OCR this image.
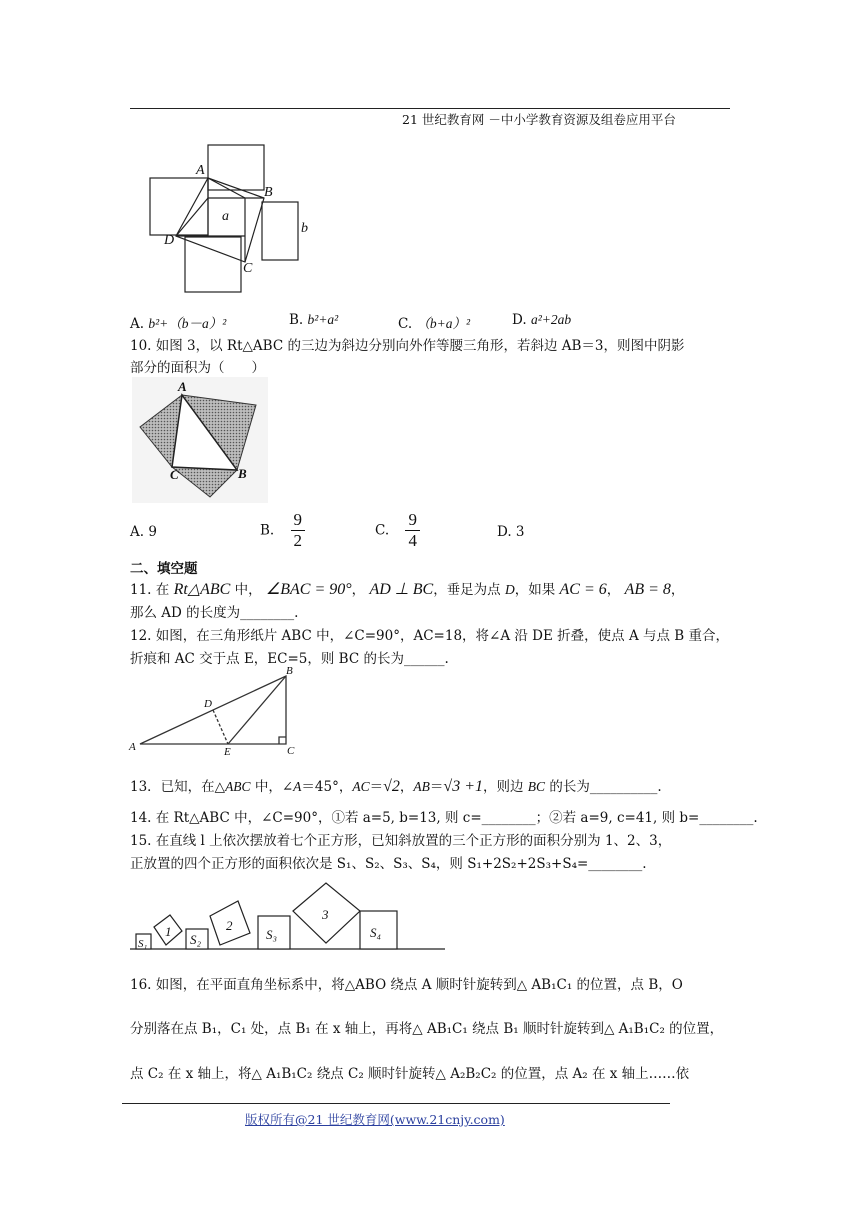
21 世纪教育网 －中小学教育资源及组卷应用平台
A
B
C
D
a
b
A. b²+（b－a）²	B. b²+a²	C. （b+a）²	D. a²+2ab
10. 如图 3，以 Rt△ABC 的三边为斜边分别向外作等腰三角形，若斜边 AB＝3，则图中阴影
部分的面积为（　　）
A
B
C
A. 9	B. $\frac{9}{2}$	C. $\frac{9}{4}$	D. 3
二、填空题
11. 在 Rt△ABC 中， ∠BAC = 90°， AD ⊥ BC，垂足为点 D，如果 AC = 6， AB = 8，
那么 AD 的长度为________.
12. 如图，在三角形纸片 ABC 中，∠C=90°，AC=18，将∠A 沿 DE 折叠，使点 A 与点 B 重合，
折痕和 AC 交于点 E，EC=5，则 BC 的长为______.
A
B
C
D
E
13．已知，在△ABC 中，∠A＝45°，AC＝√2，AB＝√3 +1，则边 BC 的长为__________.
14. 在 Rt△ABC 中，∠C=90°，①若 a=5, b=13, 则 c=________；②若 a=9, c=41, 则 b=________.
15. 在直线 l 上依次摆放着七个正方形，已知斜放置的三个正方形的面积分别为 1、2、3，
正放置的四个正方形的面积依次是 S₁、S₂、S₃、S₄，则 S₁+2S₂+2S₃+S₄=________.
S₁
1
S₂
2
S₃
3
S₄
16. 如图，在平面直角坐标系中，将△ABO 绕点 A 顺时针旋转到△ AB₁C₁ 的位置，点 B，O
分别落在点 B₁，C₁ 处，点 B₁ 在 x 轴上，再将△ AB₁C₁ 绕点 B₁ 顺时针旋转到△ A₁B₁C₂ 的位置，
点 C₂ 在 x 轴上，将△ A₁B₁C₂ 绕点 C₂ 顺时针旋转△ A₂B₂C₂ 的位置，点 A₂ 在 x 轴上……依
版权所有@21 世纪教育网(www.21cnjy.com)
